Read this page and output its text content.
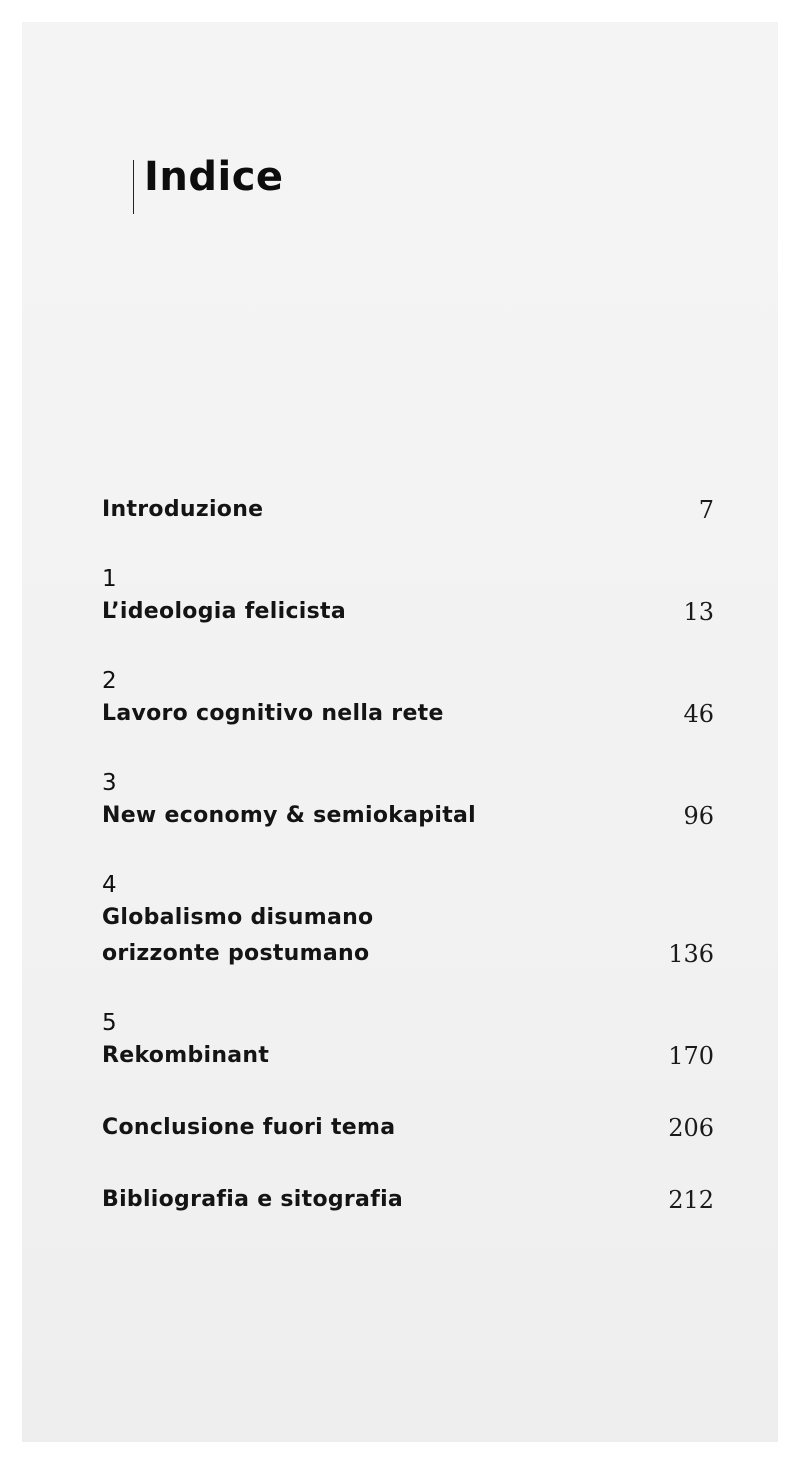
Indice
Introduzione	7
1
L’ideologia felicista	13
2
Lavoro cognitivo nella rete	46
3
New economy & semiokapital	96
4
Globalismo disumano
orizzonte postumano	136
5
Rekombinant	170
Conclusione fuori tema	206
Bibliografia e sitografia	212
